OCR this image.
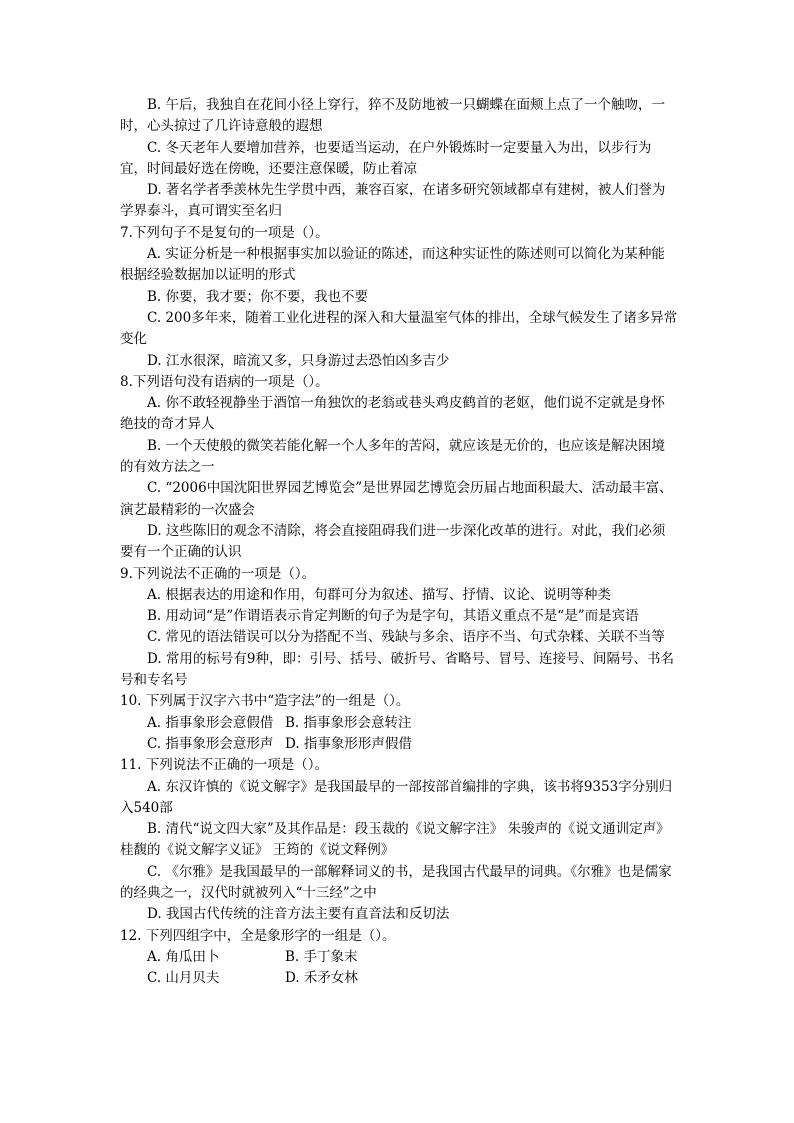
B. 午后，我独自在花间小径上穿行，猝不及防地被一只蝴蝶在面颊上点了一个触吻，一时，心头掠过了几许诗意般的遐想

C. 冬天老年人要增加营养，也要适当运动，在户外锻炼时一定要量入为出，以步行为宜，时间最好选在傍晚，还要注意保暖，防止着凉

D. 著名学者季羡林先生学贯中西，兼容百家，在诸多研究领域都卓有建树，被人们誉为学界泰斗，真可谓实至名归

7.下列句子不是复句的一项是（）。

A. 实证分析是一种根据事实加以验证的陈述，而这种实证性的陈述则可以简化为某种能根据经验数据加以证明的形式

B. 你要，我才要；你不要，我也不要

C. 200多年来，随着工业化进程的深入和大量温室气体的排出，全球气候发生了诸多异常变化

D. 江水很深，暗流又多，只身游过去恐怕凶多吉少

8.下列语句没有语病的一项是（）。

A. 你不敢轻视静坐于酒馆一角独饮的老翁或巷头鸡皮鹤首的老妪，他们说不定就是身怀绝技的奇才异人

B. 一个天使般的微笑若能化解一个人多年的苦闷，就应该是无价的，也应该是解决困境的有效方法之一

C. “2006中国沈阳世界园艺博览会”是世界园艺博览会历届占地面积最大、活动最丰富、演艺最精彩的一次盛会

D. 这些陈旧的观念不清除，将会直接阻碍我们进一步深化改革的进行。对此，我们必须要有一个正确的认识

9.下列说法不正确的一项是（）。

A. 根据表达的用途和作用，句群可分为叙述、描写、抒情、议论、说明等种类

B. 用动词“是”作谓语表示肯定判断的句子为是字句，其语义重点不是“是”而是宾语

C. 常见的语法错误可以分为搭配不当、残缺与多余、语序不当、句式杂糅、关联不当等

D. 常用的标号有9种，即：引号、括号、破折号、省略号、冒号、连接号、间隔号、书名号和专名号

10. 下列属于汉字六书中“造字法”的一组是（）。

A. 指事象形会意假借 B. 指事象形会意转注
C. 指事象形会意形声 D. 指事象形形声假借

11. 下列说法不正确的一项是（）。

A. 东汉许慎的《说文解字》是我国最早的一部按部首编排的字典，该书将9353字分别归入540部

B. 清代“说文四大家”及其作品是：段玉裁的《说文解字注》 朱骏声的《说文通训定声》 桂馥的《说文解字义证》 王筠的《说文释例》

C. 《尔雅》是我国最早的一部解释词义的书，是我国古代最早的词典。《尔雅》也是儒家的经典之一，汉代时就被列入“十三经”之中

D. 我国古代传统的注音方法主要有直音法和反切法

12. 下列四组字中，全是象形字的一组是（）。

A. 角瓜田卜	B. 手丁象末
C. 山月贝夫	D. 禾矛女林
